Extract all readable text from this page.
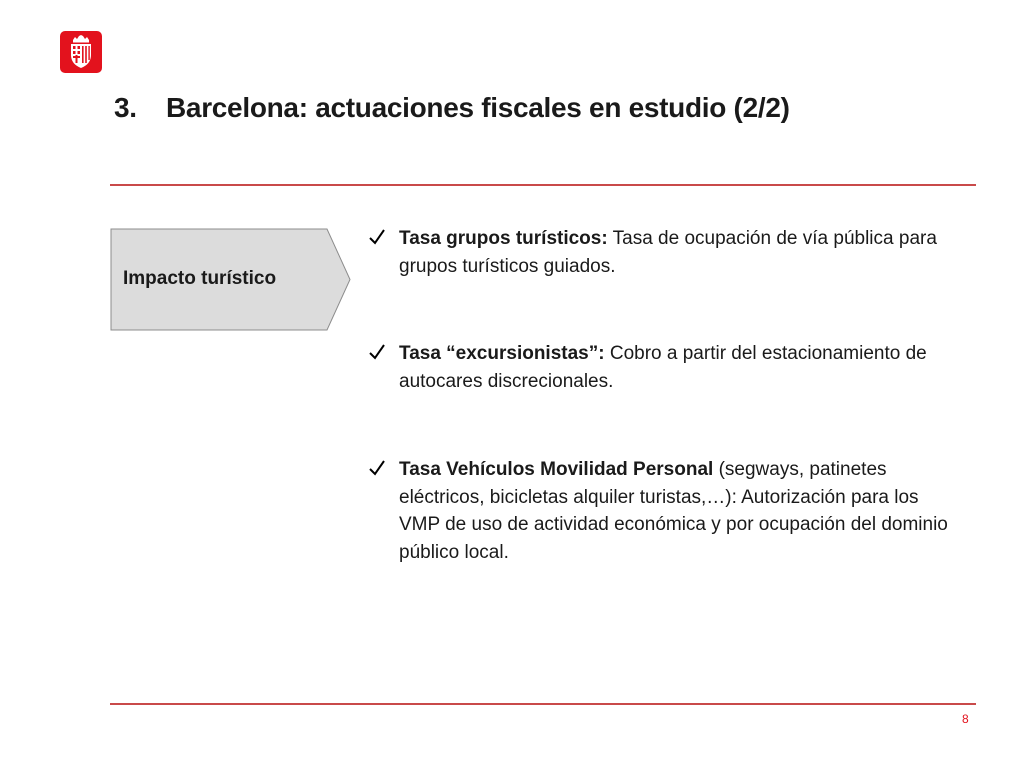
3. Barcelona: actuaciones fiscales en estudio (2/2)
Impacto turístico
Tasa grupos turísticos: Tasa de ocupación de vía pública para grupos turísticos guiados.
Tasa “excursionistas”: Cobro a partir del estacionamiento de autocares discrecionales.
Tasa Vehículos Movilidad Personal (segways, patinetes eléctricos, bicicletas alquiler turistas,…): Autorización para los VMP de uso de actividad económica y por ocupación del dominio público local.
8
